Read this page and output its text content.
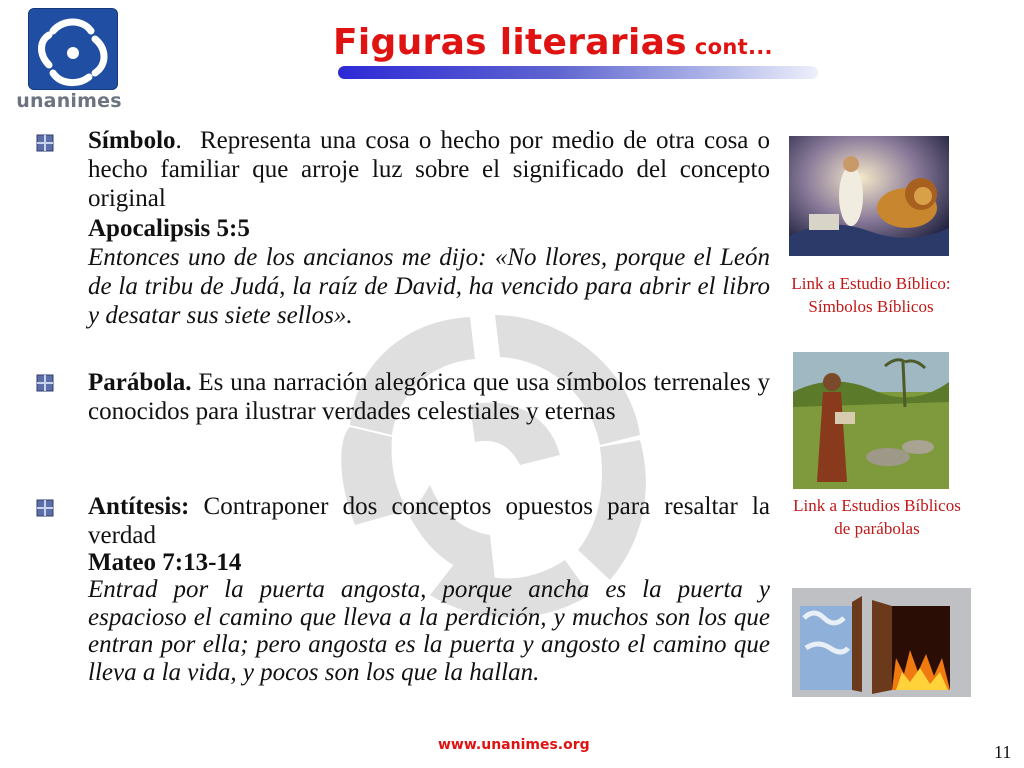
unanimes
Figuras literarias cont...
Símbolo. Representa una cosa o hecho por medio de otra cosa o hecho familiar que arroje luz sobre el significado del concepto original
Apocalipsis 5:5
Entonces uno de los ancianos me dijo: «No llores, porque el León de la tribu de Judá, la raíz de David, ha vencido para abrir el libro y desatar sus siete sellos».
Parábola. Es una narración alegórica que usa símbolos terrenales y conocidos para ilustrar verdades celestiales y eternas
Antítesis: Contraponer dos conceptos opuestos para resaltar la verdad
Mateo 7:13-14
Entrad por la puerta angosta, porque ancha es la puerta y espacioso el camino que lleva a la perdición, y muchos son los que entran por ella; pero angosta es la puerta y angosto el camino que lleva a la vida, y pocos son los que la hallan.
Link a Estudio Bíblico: Símbolos Bíblicos
Link a Estudios Bíblicos de parábolas
www.unanimes.org	11
